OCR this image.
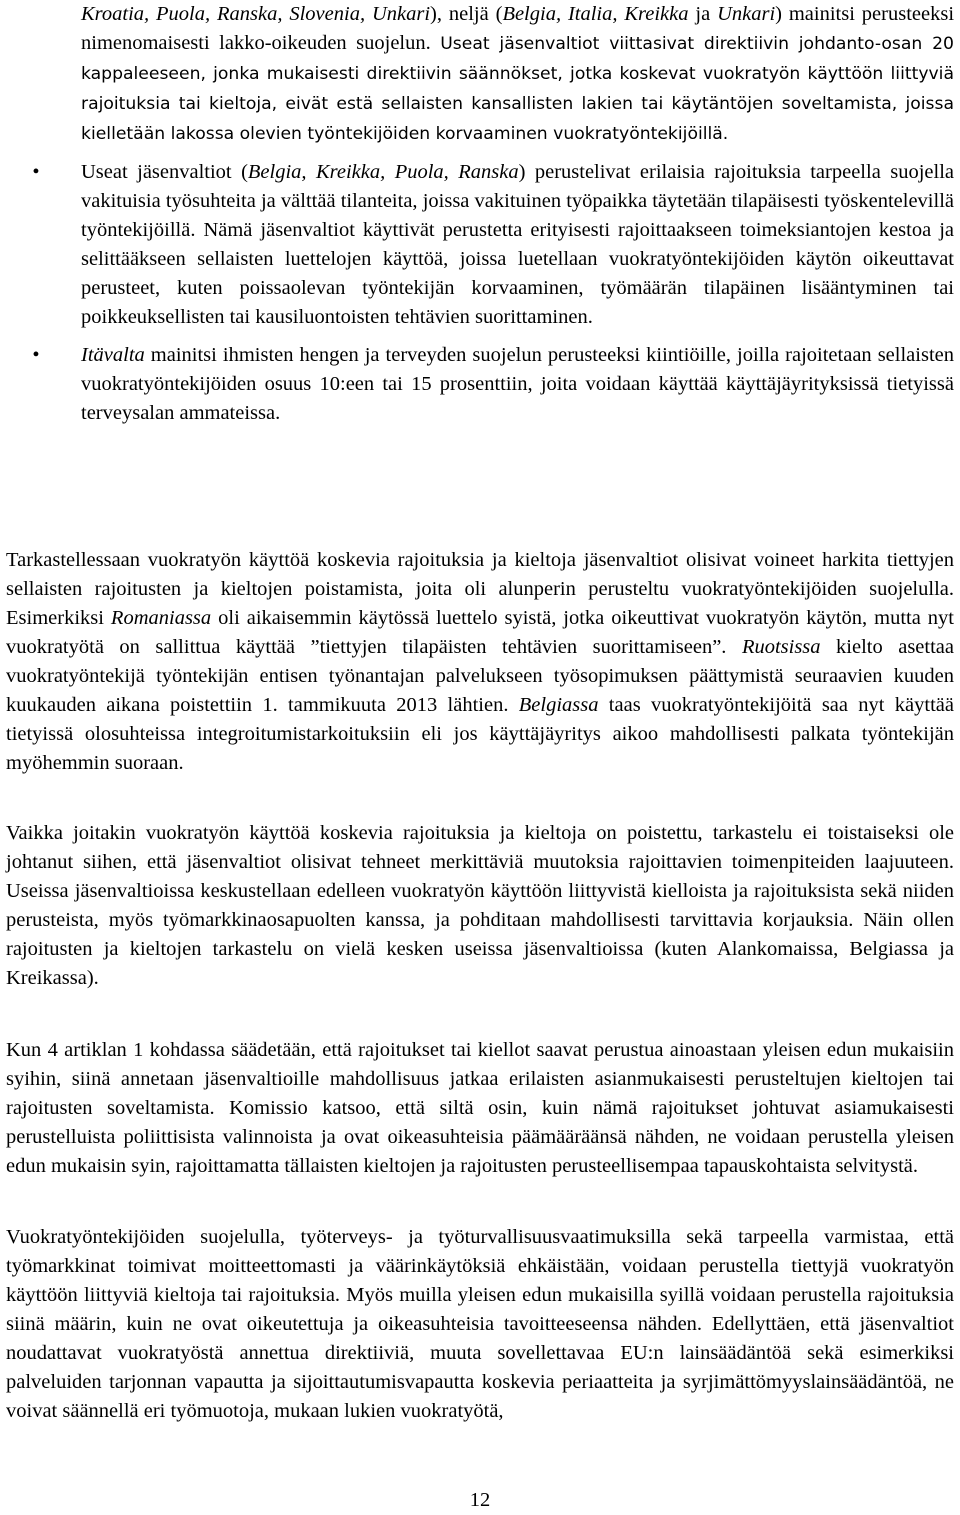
Kroatia, Puola, Ranska, Slovenia, Unkari), neljä (Belgia, Italia, Kreikka ja Unkari) mainitsi perusteeksi nimenomaisesti lakko-oikeuden suojelun. Useat jäsenvaltiot viittasivat direktiivin johdanto-osan 20 kappaleeseen, jonka mukaisesti direktiivin säännökset, jotka koskevat vuokratyön käyttöön liittyviä rajoituksia tai kieltoja, eivät estä sellaisten kansallisten lakien tai käytäntöjen soveltamista, joissa kielletään lakossa olevien työntekijöiden korvaaminen vuokratyöntekijöillä.
•	Useat jäsenvaltiot (Belgia, Kreikka, Puola, Ranska) perustelivat erilaisia rajoituksia tarpeella suojella vakituisia työsuhteita ja välttää tilanteita, joissa vakituinen työpaikka täytetään tilapäisesti työskentelevillä työntekijöillä. Nämä jäsenvaltiot käyttivät perustetta erityisesti rajoittaakseen toimeksiantojen kestoa ja selittääkseen sellaisten luettelojen käyttöä, joissa luetellaan vuokratyöntekijöiden käytön oikeuttavat perusteet, kuten poissaolevan työntekijän korvaaminen, työmäärän tilapäinen lisääntyminen tai poikkeuksellisten tai kausiluontoisten tehtävien suorittaminen.
•	Itävalta mainitsi ihmisten hengen ja terveyden suojelun perusteeksi kiintiöille, joilla rajoitetaan sellaisten vuokratyöntekijöiden osuus 10:een tai 15 prosenttiin, joita voidaan käyttää käyttäjäyrityksissä tietyissä terveysalan ammateissa.
Tarkastellessaan vuokratyön käyttöä koskevia rajoituksia ja kieltoja jäsenvaltiot olisivat voineet harkita tiettyjen sellaisten rajoitusten ja kieltojen poistamista, joita oli alunperin perusteltu vuokratyöntekijöiden suojelulla. Esimerkiksi Romaniassa oli aikaisemmin käytössä luettelo syistä, jotka oikeuttivat vuokratyön käytön, mutta nyt vuokratyötä on sallittua käyttää ”tiettyjen tilapäisten tehtävien suorittamiseen”. Ruotsissa kielto asettaa vuokratyöntekijä työntekijän entisen työnantajan palvelukseen työsopimuksen päättymistä seuraavien kuuden kuukauden aikana poistettiin 1. tammikuuta 2013 lähtien. Belgiassa taas vuokratyöntekijöitä saa nyt käyttää tietyissä olosuhteissa integroitumistarkoituksiin eli jos käyttäjäyritys aikoo mahdollisesti palkata työntekijän myöhemmin suoraan.
Vaikka joitakin vuokratyön käyttöä koskevia rajoituksia ja kieltoja on poistettu, tarkastelu ei toistaiseksi ole johtanut siihen, että jäsenvaltiot olisivat tehneet merkittäviä muutoksia rajoittavien toimenpiteiden laajuuteen. Useissa jäsenvaltioissa keskustellaan edelleen vuokratyön käyttöön liittyvistä kielloista ja rajoituksista sekä niiden perusteista, myös työmarkkinaosapuolten kanssa, ja pohditaan mahdollisesti tarvittavia korjauksia. Näin ollen rajoitusten ja kieltojen tarkastelu on vielä kesken useissa jäsenvaltioissa (kuten Alankomaissa, Belgiassa ja Kreikassa).
Kun 4 artiklan 1 kohdassa säädetään, että rajoitukset tai kiellot saavat perustua ainoastaan yleisen edun mukaisiin syihin, siinä annetaan jäsenvaltioille mahdollisuus jatkaa erilaisten asianmukaisesti perusteltujen kieltojen tai rajoitusten soveltamista. Komissio katsoo, että siltä osin, kuin nämä rajoitukset johtuvat asiamukaisesti perustelluista poliittisista valinnoista ja ovat oikeasuhteisia päämääräänsä nähden, ne voidaan perustella yleisen edun mukaisin syin, rajoittamatta tällaisten kieltojen ja rajoitusten perusteellisempaa tapauskohtaista selvitystä.
Vuokratyöntekijöiden suojelulla, työterveys- ja työturvallisuusvaatimuksilla sekä tarpeella varmistaa, että työmarkkinat toimivat moitteettomasti ja väärinkäytöksiä ehkäistään, voidaan perustella tiettyjä vuokratyön käyttöön liittyviä kieltoja tai rajoituksia. Myös muilla yleisen edun mukaisilla syillä voidaan perustella rajoituksia siinä määrin, kuin ne ovat oikeutettuja ja oikeasuhteisia tavoitteeseensa nähden. Edellyttäen, että jäsenvaltiot noudattavat vuokratyöstä annettua direktiiviä, muuta sovellettavaa EU:n lainsäädäntöä sekä esimerkiksi palveluiden tarjonnan vapautta ja sijoittautumisvapautta koskevia periaatteita ja syrjimättömyyslainsäädäntöä, ne voivat säännellä eri työmuotoja, mukaan lukien vuokratyötä,
12
